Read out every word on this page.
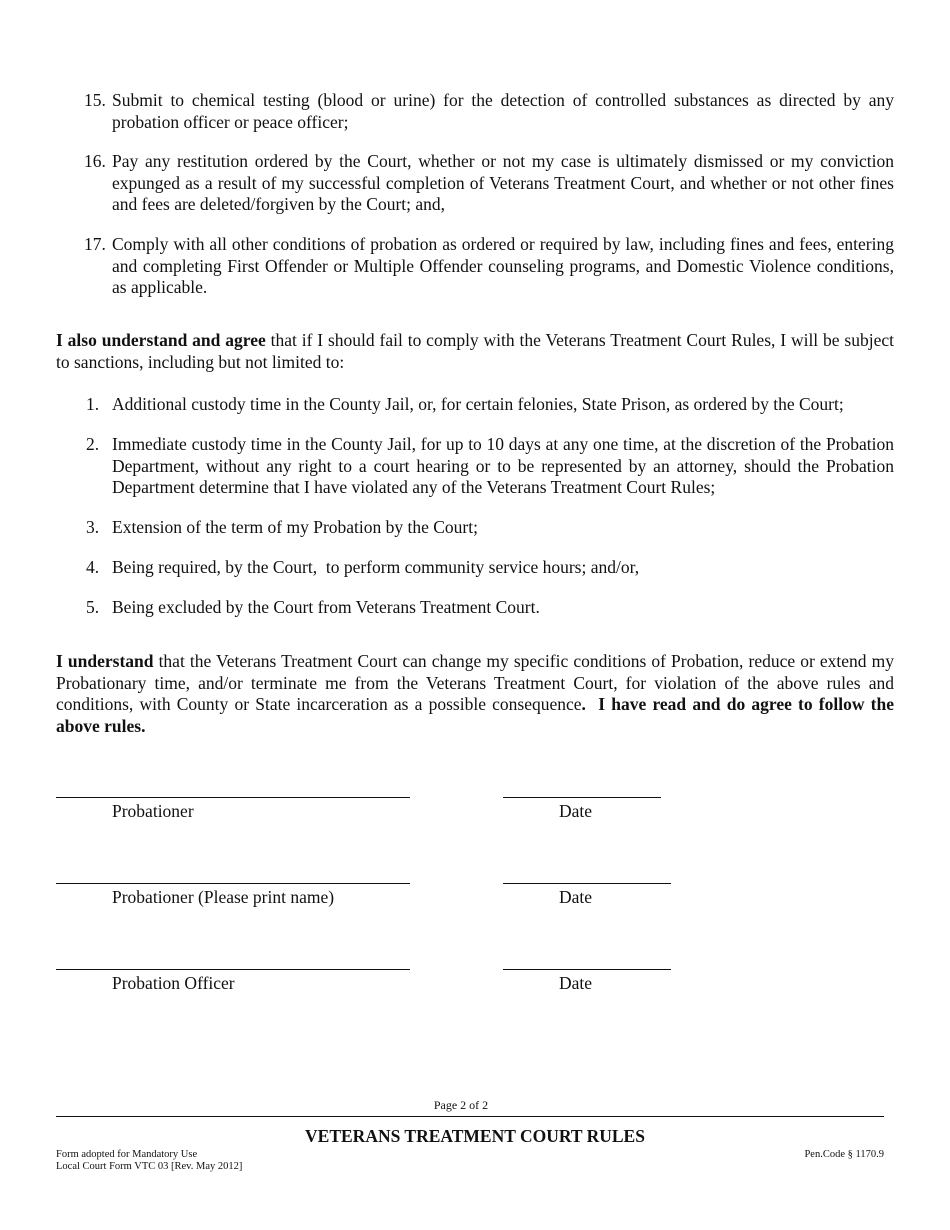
15. Submit to chemical testing (blood or urine) for the detection of controlled substances as directed by any probation officer or peace officer;
16. Pay any restitution ordered by the Court, whether or not my case is ultimately dismissed or my conviction expunged as a result of my successful completion of Veterans Treatment Court, and whether or not other fines and fees are deleted/forgiven by the Court; and,
17. Comply with all other conditions of probation as ordered or required by law, including fines and fees, entering and completing First Offender or Multiple Offender counseling programs, and Domestic Violence conditions, as applicable.
I also understand and agree that if I should fail to comply with the Veterans Treatment Court Rules, I will be subject to sanctions, including but not limited to:
1. Additional custody time in the County Jail, or, for certain felonies, State Prison, as ordered by the Court;
2. Immediate custody time in the County Jail, for up to 10 days at any one time, at the discretion of the Probation Department, without any right to a court hearing or to be represented by an attorney, should the Probation Department determine that I have violated any of the Veterans Treatment Court Rules;
3. Extension of the term of my Probation by the Court;
4. Being required, by the Court,  to perform community service hours; and/or,
5. Being excluded by the Court from Veterans Treatment Court.
I understand that the Veterans Treatment Court can change my specific conditions of Probation, reduce or extend my Probationary time, and/or terminate me from the Veterans Treatment Court, for violation of the above rules and conditions, with County or State incarceration as a possible consequence.  I have read and do agree to follow the above rules.
Probationer	Date
Probationer (Please print name)	Date
Probation Officer	Date
Page 2 of 2
VETERANS TREATMENT COURT RULES
Form adopted for Mandatory Use
Local Court Form VTC 03 [Rev. May 2012]
Pen.Code § 1170.9
